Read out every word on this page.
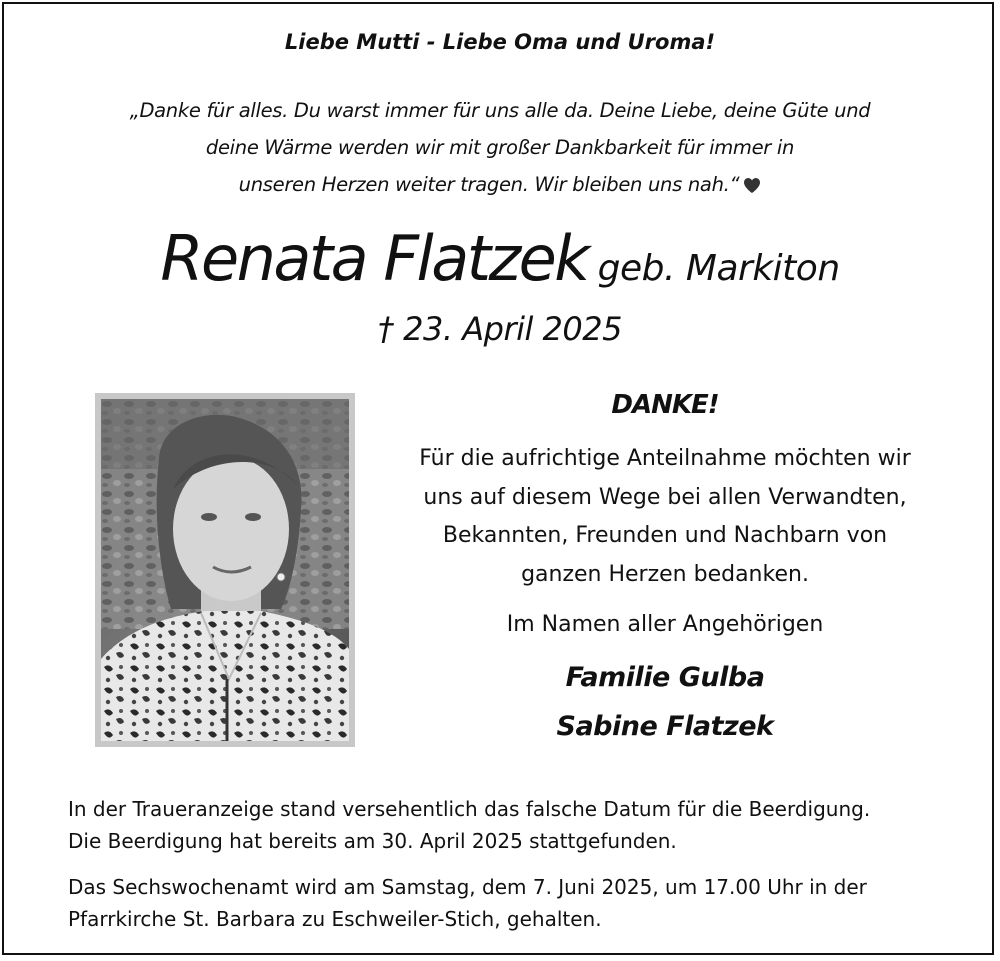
Liebe Mutti - Liebe Oma und Uroma!
„Danke für alles. Du warst immer für uns alle da. Deine Liebe, deine Güte und
deine Wärme werden wir mit großer Dankbarkeit für immer in
unseren Herzen weiter tragen. Wir bleiben uns nah.“
Renata Flatzek geb. Markiton
† 23. April 2025
DANKE!
Für die aufrichtige Anteilnahme möchten wir
uns auf diesem Wege bei allen Verwandten,
Bekannten, Freunden und Nachbarn von
ganzen Herzen bedanken.
Im Namen aller Angehörigen
Familie Gulba
Sabine Flatzek
In der Traueranzeige stand versehentlich das falsche Datum für die Beerdigung.
Die Beerdigung hat bereits am 30. April 2025 stattgefunden.
Das Sechswochenamt wird am Samstag, dem 7. Juni 2025, um 17.00 Uhr in der
Pfarrkirche St. Barbara zu Eschweiler-Stich, gehalten.
